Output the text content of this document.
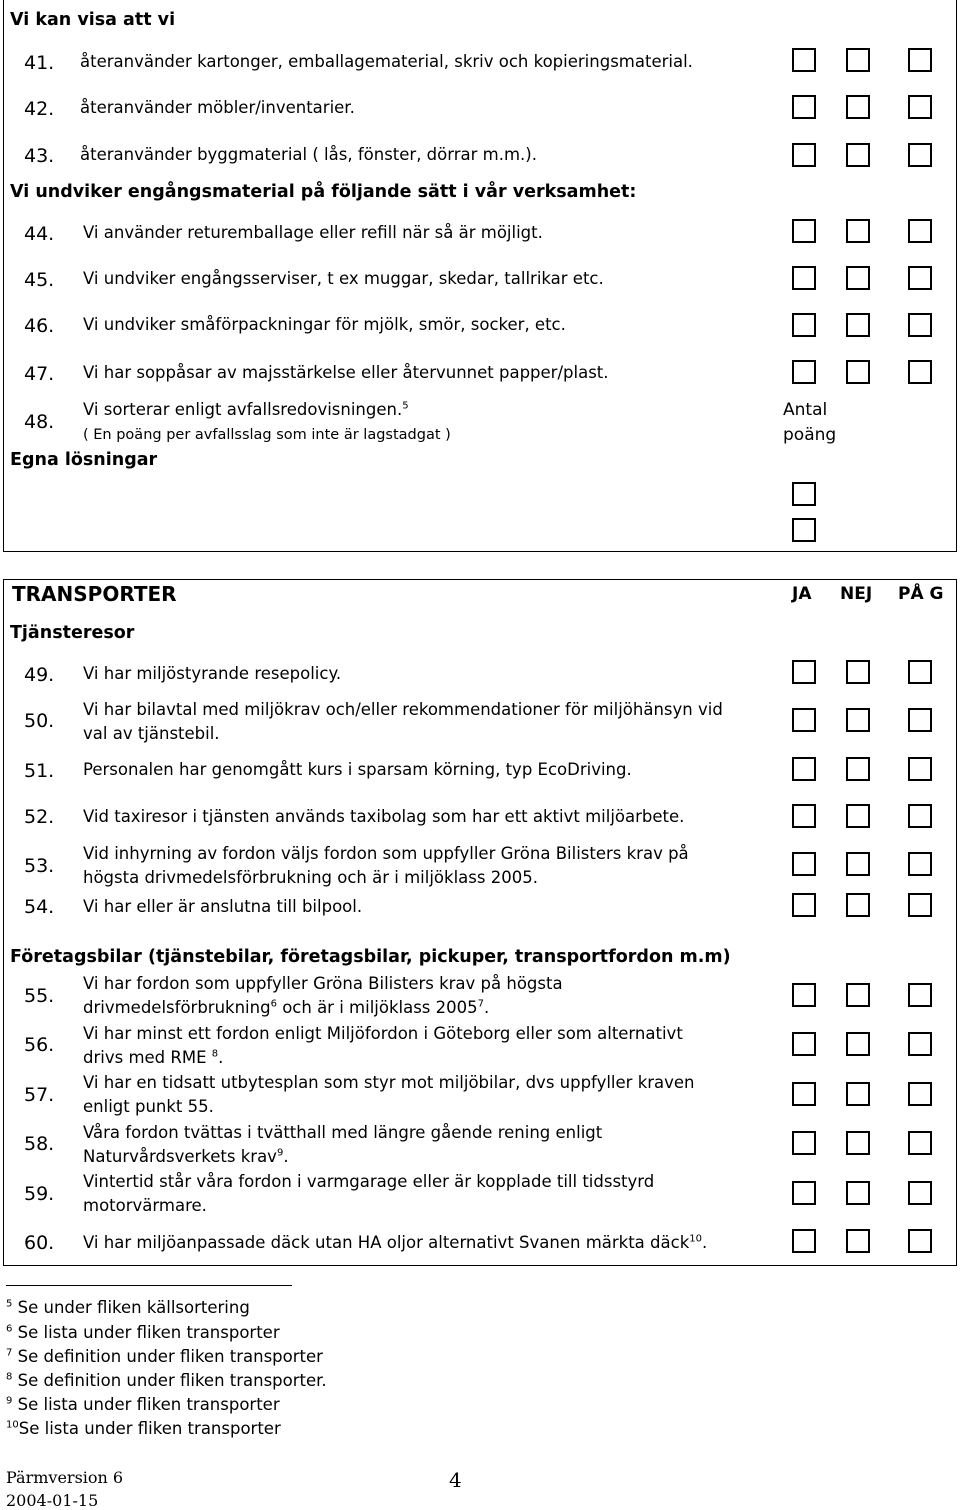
Vi kan visa att vi
41. återanvänder kartonger, emballagematerial, skriv och kopieringsmaterial.
42. återanvänder möbler/inventarier.
43. återanvänder byggmaterial ( lås, fönster, dörrar m.m.).
Vi undviker engångsmaterial på följande sätt i vår verksamhet:
44. Vi använder returemballage eller refill när så är möjligt.
45. Vi undviker engångsserviser, t ex muggar, skedar, tallrikar etc.
46. Vi undviker småförpackningar för mjölk, smör, socker, etc.
47. Vi har soppåsar av majsstärkelse eller återvunnet papper/plast.
48.
Vi sorterar enligt avfallsredovisningen.$^5$
( En poäng per avfallsslag som inte är lagstadgat )
Antal
poäng
Egna lösningar
TRANSPORTER	JA NEJ PÅ G
Tjänsteresor
49. Vi har miljöstyrande resepolicy.
50.
Vi har bilavtal med miljökrav och/eller rekommendationer för miljöhänsyn vid
val av tjänstebil.
51. Personalen har genomgått kurs i sparsam körning, typ EcoDriving.
52. Vid taxiresor i tjänsten används taxibolag som har ett aktivt miljöarbete.
53.
Vid inhyrning av fordon väljs fordon som uppfyller Gröna Bilisters krav på
högsta drivmedelsförbrukning och är i miljöklass 2005.
54. Vi har eller är anslutna till bilpool.
Företagsbilar (tjänstebilar, företagsbilar, pickuper, transportfordon m.m)
55.
Vi har fordon som uppfyller Gröna Bilisters krav på högsta
drivmedelsförbrukning$^6$ och är i miljöklass 2005$^7$.
56.
Vi har minst ett fordon enligt Miljöfordon i Göteborg eller som alternativt
drivs med RME $^8$.
57.
Vi har en tidsatt utbytesplan som styr mot miljöbilar, dvs uppfyller kraven
enligt punkt 55.
58.
Våra fordon tvättas i tvätthall med längre gående rening enligt
Naturvårdsverkets krav$^9$.
59.
Vintertid står våra fordon i varmgarage eller är kopplade till tidsstyrd
motorvärmare.
60. Vi har miljöanpassade däck utan HA oljor alternativt Svanen märkta däck$^{10}$.
$^5$ Se under fliken källsortering
$^6$ Se lista under fliken transporter
$^7$ Se definition under fliken transporter
$^8$ Se definition under fliken transporter.
$^9$ Se lista under fliken transporter
$^{10}$Se lista under fliken transporter
Pärmversion 6
2004-01-15
4
